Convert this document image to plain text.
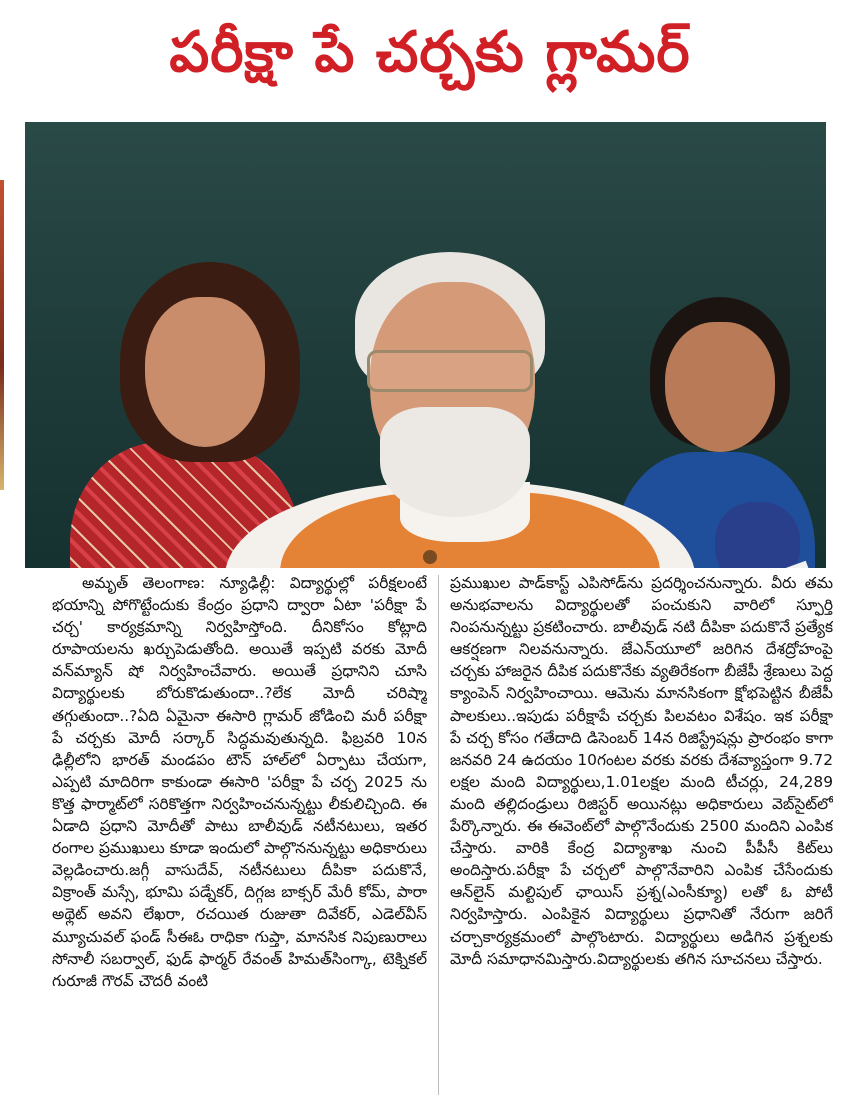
పరీక్షా పే చర్చకు గ్లామర్

అమృత్ తెలంగాణ: న్యూఢిల్లీ: విద్యార్థుల్లో పరీక్షలంటే భయాన్ని పోగొట్టేందుకు కేంద్రం ప్రధాని ద్వారా ఏటా 'పరీక్షా పే చర్చ' కార్యక్రమాన్ని నిర్వహిస్తోంది. దీనికోసం కోట్లాది రూపాయలను ఖర్చుపెడుతోంది. అయితే ఇప్పటి వరకు మోదీ వన్‌మ్యాన్ షో నిర్వహించేవారు. అయితే ప్రధానిని చూసి విద్యార్థులకు బోరుకొడుతుందా..?లేక మోదీ చరిష్మా తగ్గుతుందా..?ఏది ఏమైనా ఈసారి గ్లామర్ జోడించి మరీ పరీక్షా పే చర్చకు మోదీ సర్కార్ సిద్ధమవుతున్నది. ఫిబ్రవరి 10న ఢిల్లీలోని భారత్ మండపం టౌన్ హాల్‌లో ఏర్పాటు చేయగా, ఎప్పటి మాదిరిగా కాకుండా ఈసారి 'పరీక్షా పే చర్చ 2025 ను కొత్త ఫార్మాట్‌లో సరికొత్తగా నిర్వహించనున్నట్టు లీకులిచ్చింది. ఈ ఏడాది ప్రధాని మోదీతో పాటు బాలీవుడ్ నటీనటులు, ఇతర రంగాల ప్రముఖులు కూడా ఇందులో పాల్గొననున్నట్టు అధికారులు వెల్లడించారు.జగ్గీ వాసుదేవ్, నటీనటులు దీపికా పదుకొనే, విక్రాంత్ మస్సే, భూమి పడ్నేకర్, దిగ్గజ బాక్సర్ మేరీ కోమ్, పారా అథ్లెట్ అవని లేఖరా, రచయిత రుజుతా దివేకర్, ఎడెల్‌వీస్ మ్యూచువల్ ఫండ్ సీఈఓ రాధికా గుప్తా, మానసిక నిపుణురాలు సోనాలీ సబర్వాల్, ఫుడ్ ఫార్మర్ రేవంత్ హిమత్‌సింగ్కా, టెక్నికల్ గురూజీ గౌరవ్ చౌదరీ వంటి

ప్రముఖుల పాడ్‌కాస్ట్ ఎపిసోడ్‌ను ప్రదర్శించనున్నారు. వీరు తమ అనుభవాలను విద్యార్థులతో పంచుకుని వారిలో స్ఫూర్తి నింపనున్నట్టు ప్రకటించారు. బాలీవుడ్ నటి దీపికా పదుకొనే ప్రత్యేక ఆకర్షణగా నిలవనున్నారు. జేఎన్‌యూలో జరిగిన దేశద్రోహంపై చర్చకు హాజరైన దీపిక పదుకొనేకు వ్యతిరేకంగా బీజేపీ శ్రేణులు పెద్ద క్యాంపెన్ నిర్వహించాయి. ఆమెను మానసికంగా క్షోభపెట్టిన బీజేపీ పాలకులు..ఇపుడు పరీక్షాపే చర్చకు పిలవటం విశేషం. ఇక పరీక్షా పే చర్చ కోసం గతేదాది డిసెంబర్ 14న రిజిస్ట్రేషన్లు ప్రారంభం కాగా జనవరి 24 ఉదయం 10గంటల వరకు వరకు దేశవ్యాప్తంగా 9.72 లక్షల మంది విద్యార్థులు,1.01లక్షల మంది టీచర్లు, 24,289 మంది తల్లిదండ్రులు రిజిస్టర్ అయినట్లు అధికారులు వెబ్‌సైట్‌లో పేర్కొన్నారు. ఈ ఈవెంట్‌లో పాల్గొనేందుకు 2500 మందిని ఎంపిక చేస్తారు. వారికి కేంద్ర విద్యాశాఖ నుంచి పీపీసీ కిట్‌లు అందిస్తారు.పరీక్షా పే చర్చలో పాల్గొనేవారిని ఎంపిక చేసేందుకు ఆన్‌లైన్ మల్టిపుల్ ఛాయిస్ ప్రశ్న(ఎంసీక్యూ) లతో ఓ పోటీ నిర్వహిస్తారు. ఎంపికైన విద్యార్థులు ప్రధానితో నేరుగా జరిగే చర్చాకార్యక్రమంలో పాల్గొంటారు. విద్యార్థులు అడిగిన ప్రశ్నలకు మోదీ సమాధానమిస్తారు.విద్యార్థులకు తగిన సూచనలు చేస్తారు.
